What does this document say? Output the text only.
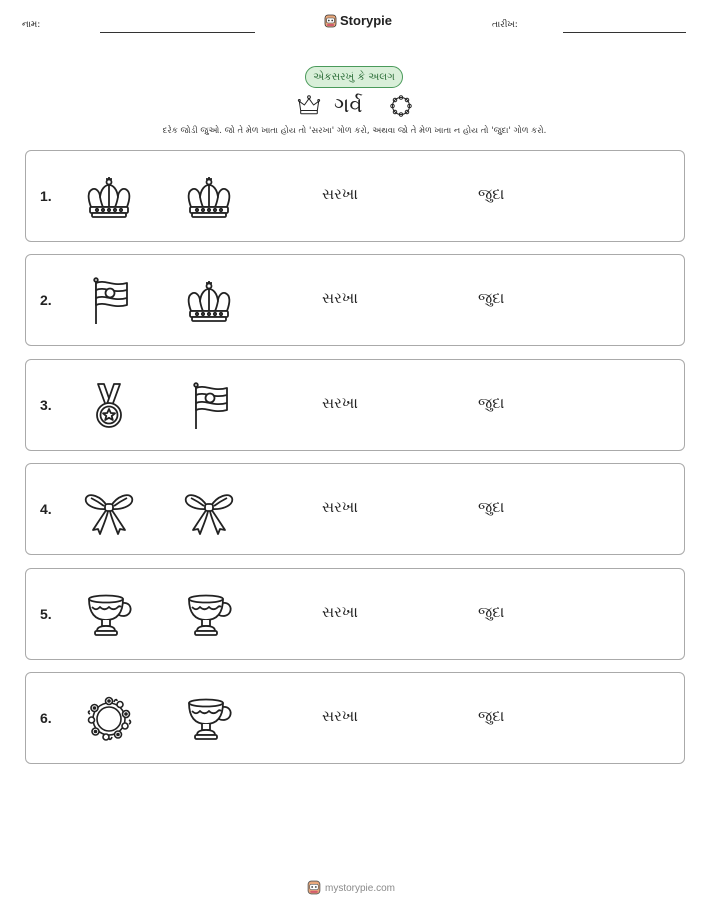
નામ:	Storypie	તારીખ:
એકસરખું કે અલગ
ગર્વ
દરેક જોડી જુઓ. જો તે મેળ ખાતા હોય તો 'સરખા' ગોળ કરો, અથવા જો તે મેળ ખાતા ન હોય તો 'જુદા' ગોળ કરો.
1.	સરખા	જુદા
2.	સરખા	જુદા
3.	સરખા	જુદા
4.	સરખા	જુદા
5.	સરખા	જુદા
6.	સરખા	જુદા
mystorypie.com
